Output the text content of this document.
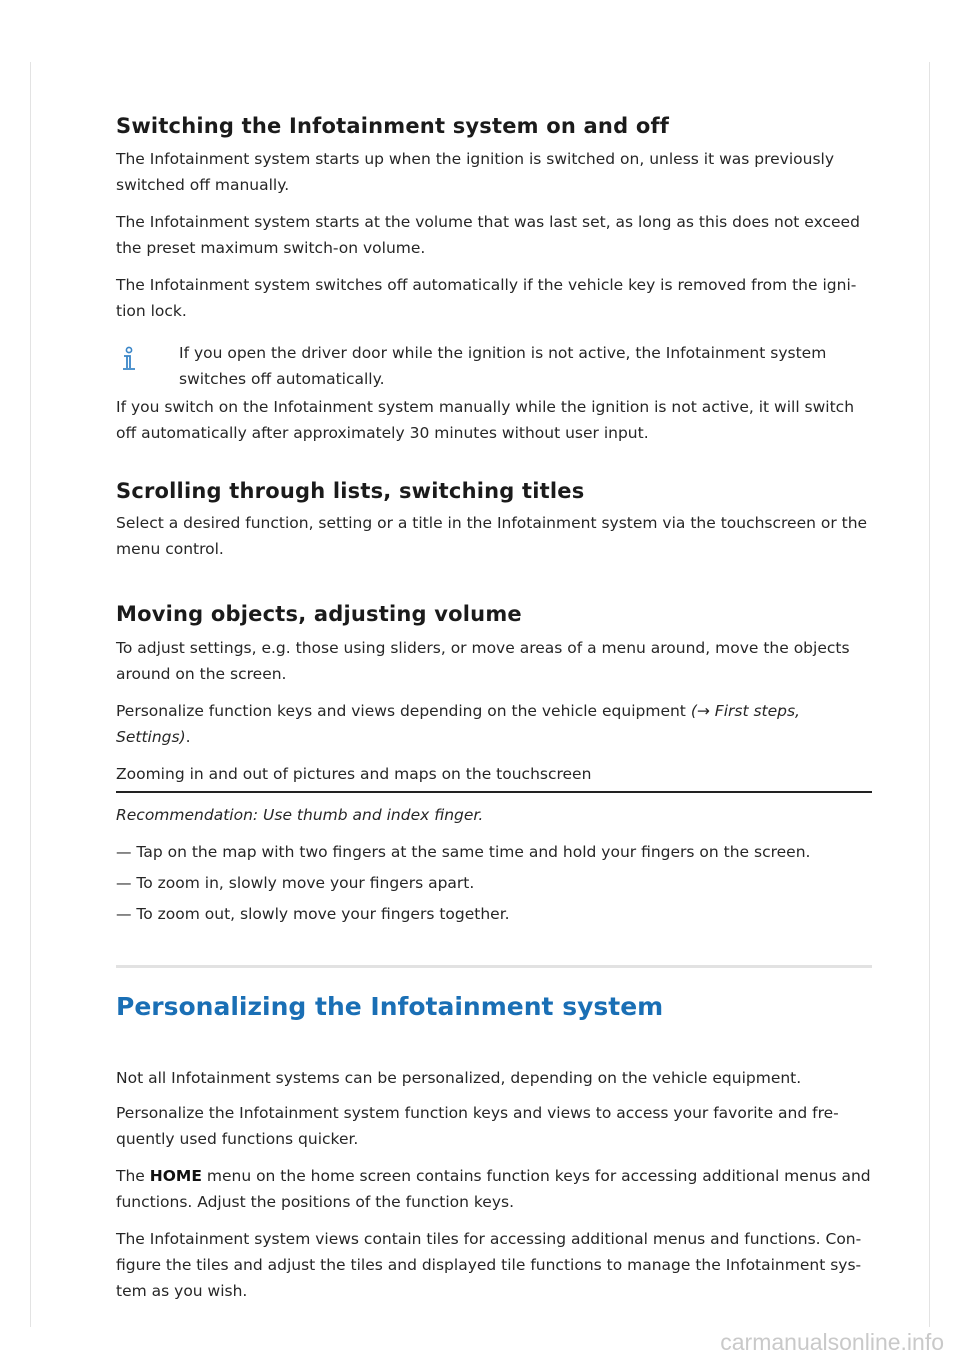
Switching the Infotainment system on and off

The Infotainment system starts up when the ignition is switched on, unless it was previously switched off manually.

The Infotainment system starts at the volume that was last set, as long as this does not exceed the preset maximum switch-on volume.

The Infotainment system switches off automatically if the vehicle key is removed from the igni-
tion lock.

If you open the driver door while the ignition is not active, the Infotainment system
switches off automatically.

If you switch on the Infotainment system manually while the ignition is not active, it will switch off automatically after approximately 30 minutes without user input.

Scrolling through lists, switching titles

Select a desired function, setting or a title in the Infotainment system via the touchscreen or the menu control.

Moving objects, adjusting volume

To adjust settings, e.g. those using sliders, or move areas of a menu around, move the objects around on the screen.

Personalize function keys and views depending on the vehicle equipment (→ First steps, Settings).

Zooming in and out of pictures and maps on the touchscreen

Recommendation: Use thumb and index finger.

— Tap on the map with two fingers at the same time and hold your fingers on the screen.

— To zoom in, slowly move your fingers apart.

— To zoom out, slowly move your fingers together.

Personalizing the Infotainment system

Not all Infotainment systems can be personalized, depending on the vehicle equipment.

Personalize the Infotainment system function keys and views to access your favorite and fre-
quently used functions quicker.

The HOME menu on the home screen contains function keys for accessing additional menus and functions. Adjust the positions of the function keys.

The Infotainment system views contain tiles for accessing additional menus and functions. Con-
figure the tiles and adjust the tiles and displayed tile functions to manage the Infotainment sys-
tem as you wish.

carmanualsonline.info
